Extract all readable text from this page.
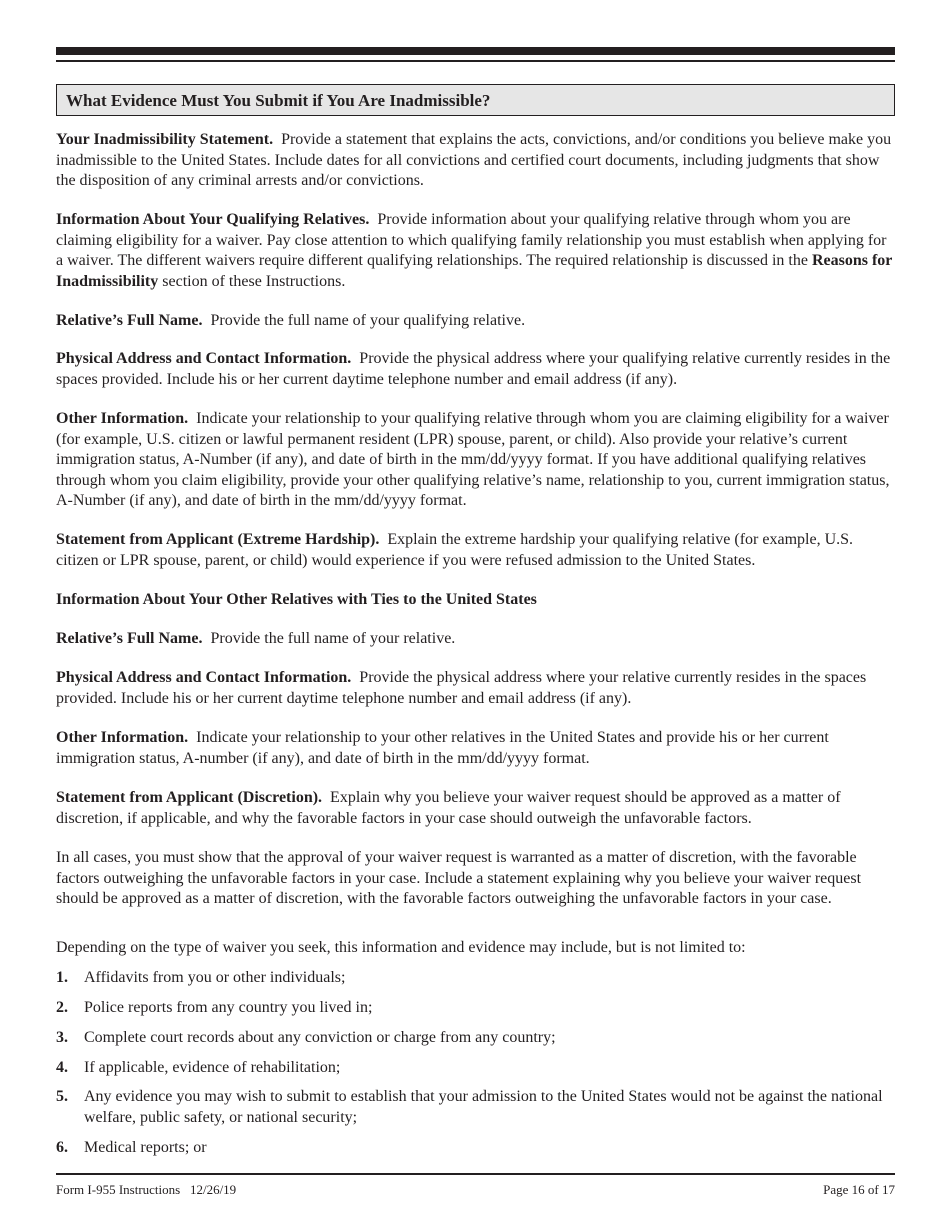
What Evidence Must You Submit if You Are Inadmissible?

Your Inadmissibility Statement. Provide a statement that explains the acts, convictions, and/or conditions you believe make you inadmissible to the United States. Include dates for all convictions and certified court documents, including judgments that show the disposition of any criminal arrests and/or convictions.

Information About Your Qualifying Relatives. Provide information about your qualifying relative through whom you are claiming eligibility for a waiver. Pay close attention to which qualifying family relationship you must establish when applying for a waiver. The different waivers require different qualifying relationships. The required relationship is discussed in the Reasons for Inadmissibility section of these Instructions.

Relative’s Full Name. Provide the full name of your qualifying relative.

Physical Address and Contact Information. Provide the physical address where your qualifying relative currently resides in the spaces provided. Include his or her current daytime telephone number and email address (if any).

Other Information. Indicate your relationship to your qualifying relative through whom you are claiming eligibility for a waiver (for example, U.S. citizen or lawful permanent resident (LPR) spouse, parent, or child). Also provide your relative’s current immigration status, A-Number (if any), and date of birth in the mm/dd/yyyy format. If you have additional qualifying relatives through whom you claim eligibility, provide your other qualifying relative’s name, relationship to you, current immigration status, A-Number (if any), and date of birth in the mm/dd/yyyy format.

Statement from Applicant (Extreme Hardship). Explain the extreme hardship your qualifying relative (for example, U.S. citizen or LPR spouse, parent, or child) would experience if you were refused admission to the United States.

Information About Your Other Relatives with Ties to the United States

Relative’s Full Name. Provide the full name of your relative.

Physical Address and Contact Information. Provide the physical address where your relative currently resides in the spaces provided. Include his or her current daytime telephone number and email address (if any).

Other Information. Indicate your relationship to your other relatives in the United States and provide his or her current immigration status, A-number (if any), and date of birth in the mm/dd/yyyy format.

Statement from Applicant (Discretion). Explain why you believe your waiver request should be approved as a matter of discretion, if applicable, and why the favorable factors in your case should outweigh the unfavorable factors.

In all cases, you must show that the approval of your waiver request is warranted as a matter of discretion, with the favorable factors outweighing the unfavorable factors in your case. Include a statement explaining why you believe your waiver request should be approved as a matter of discretion, with the favorable factors outweighing the unfavorable factors in your case.

Depending on the type of waiver you seek, this information and evidence may include, but is not limited to:

1.	Affidavits from you or other individuals;
2.	Police reports from any country you lived in;
3.	Complete court records about any conviction or charge from any country;
4.	If applicable, evidence of rehabilitation;
5.	Any evidence you may wish to submit to establish that your admission to the United States would not be against the national welfare, public safety, or national security;
6.	Medical reports; or
Form I-955 Instructions   12/26/19	Page 16 of 17
